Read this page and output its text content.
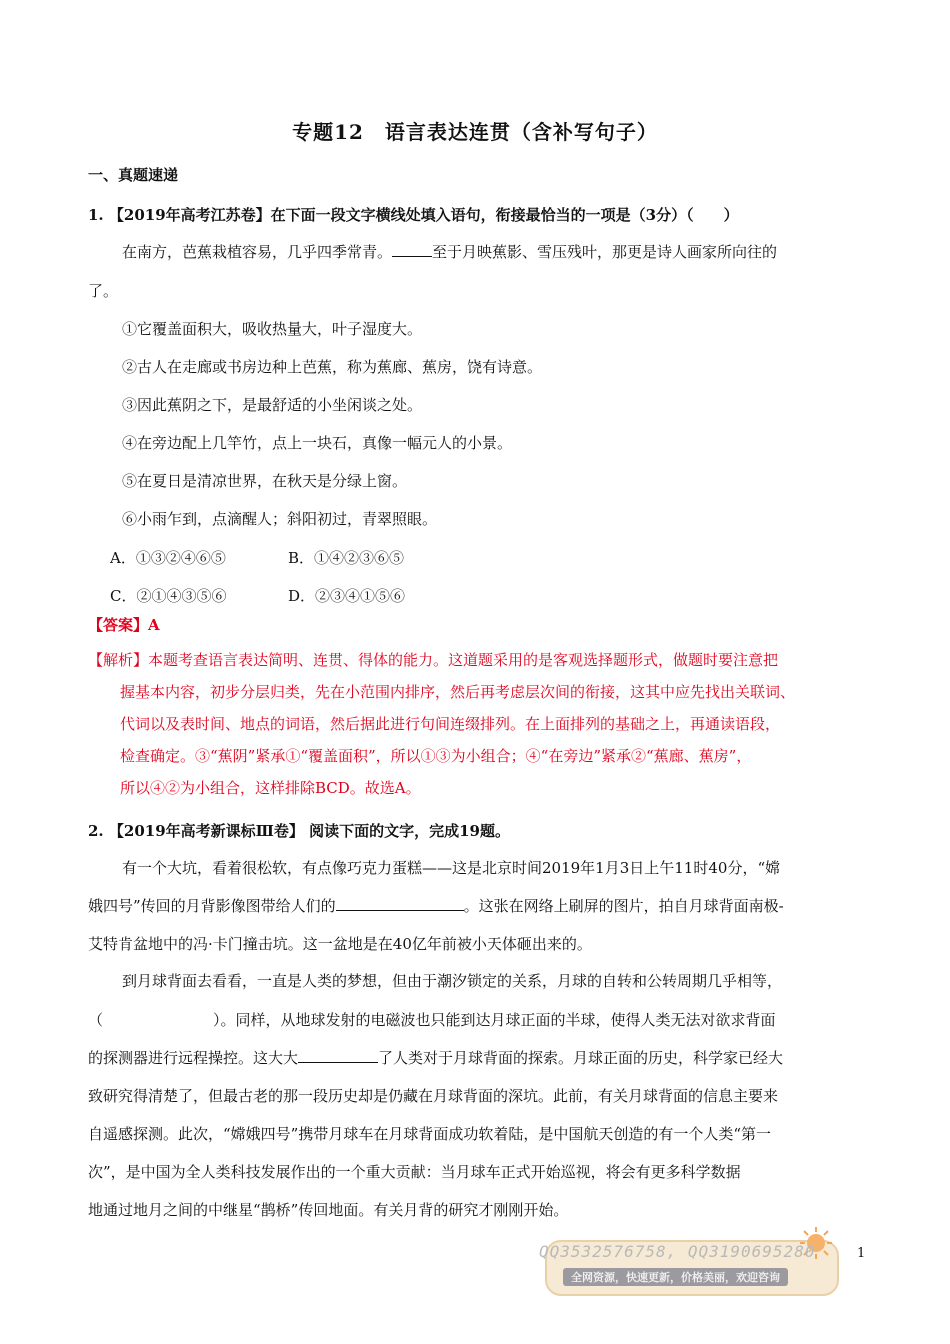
专题12　语言表达连贯（含补写句子）
一、真题速递
1. 【2019年高考江苏卷】在下面一段文字横线处填入语句，衔接最恰当的一项是（3分）（　　）
在南方，芭蕉栽植容易，几乎四季常青。	至于月映蕉影、雪压残叶，那更是诗人画家所向往的
了。
①它覆盖面积大，吸收热量大，叶子湿度大。
②古人在走廊或书房边种上芭蕉，称为蕉廊、蕉房，饶有诗意。
③因此蕉阴之下，是最舒适的小坐闲谈之处。
④在旁边配上几竿竹，点上一块石，真像一幅元人的小景。
⑤在夏日是清凉世界，在秋天是分绿上窗。
⑥小雨乍到，点滴醒人；斜阳初过，青翠照眼。
A．①③②④⑥⑤	B．①④②③⑥⑤
C．②①④③⑤⑥	D．②③④①⑤⑥
【答案】A
【解析】本题考查语言表达简明、连贯、得体的能力。这道题采用的是客观选择题形式，做题时要注意把
握基本内容，初步分层归类，先在小范围内排序，然后再考虑层次间的衔接，这其中应先找出关联词、
代词以及表时间、地点的词语，然后据此进行句间连缀排列。在上面排列的基础之上，再通读语段，
检查确定。③“蕉阴”紧承①“覆盖面积”，所以①③为小组合；④“在旁边”紧承②“蕉廊、蕉房”，
所以④②为小组合，这样排除BCD。故选A。
2. 【2019年高考新课标Ⅲ卷】 阅读下面的文字，完成19题。
有一个大坑，看着很松软，有点像巧克力蛋糕——这是北京时间2019年1月3日上午11时40分，“嫦
娥四号”传回的月背影像图带给人们的	。这张在网络上刷屏的图片，拍自月球背面南极-
艾特肯盆地中的冯·卡门撞击坑。这一盆地是在40亿年前被小天体砸出来的。
到月球背面去看看，一直是人类的梦想，但由于潮汐锁定的关系，月球的自转和公转周期几乎相等，
（	）。同样，从地球发射的电磁波也只能到达月球正面的半球，使得人类无法对欲求背面
的探测器进行远程操控。这大大	了人类对于月球背面的探索。月球正面的历史，科学家已经大
致研究得清楚了，但最古老的那一段历史却是仍藏在月球背面的深坑。此前，有关月球背面的信息主要来
自遥感探测。此次，“嫦娥四号”携带月球车在月球背面成功软着陆，是中国航天创造的有一个人类“第一
次”，是中国为全人类科技发展作出的一个重大贡献：当月球车正式开始巡视，将会有更多科学数据
地通过地月之间的中继星“鹊桥”传回地面。有关月背的研究才刚刚开始。
QQ3532576758, QQ3190695280
全网资源，快速更新，价格美丽，欢迎咨询
1
